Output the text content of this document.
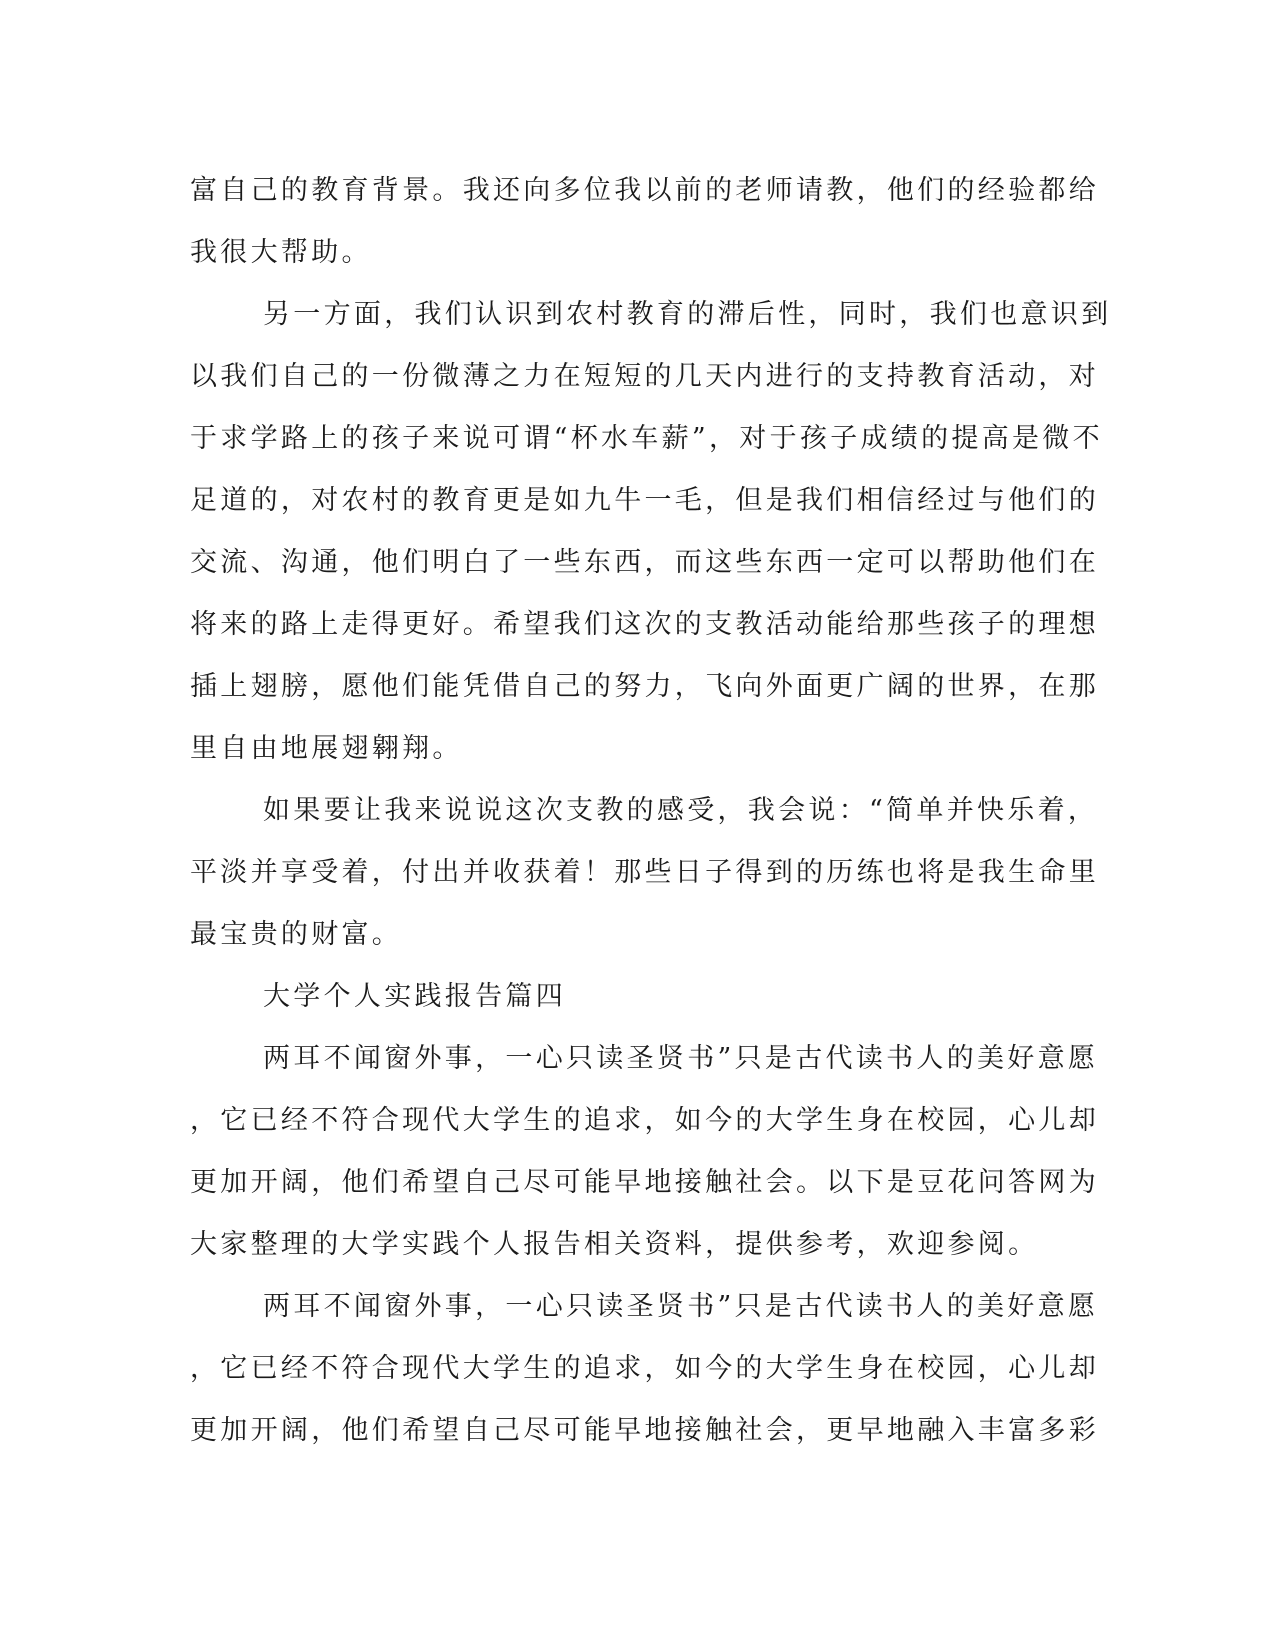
富自己的教育背景。我还向多位我以前的老师请教，他们的经验都给
我很大帮助。
另一方面，我们认识到农村教育的滞后性，同时，我们也意识到
以我们自己的一份微薄之力在短短的几天内进行的支持教育活动，对
于求学路上的孩子来说可谓“杯水车薪”，对于孩子成绩的提高是微不
足道的，对农村的教育更是如九牛一毛，但是我们相信经过与他们的
交流、沟通，他们明白了一些东西，而这些东西一定可以帮助他们在
将来的路上走得更好。希望我们这次的支教活动能给那些孩子的理想
插上翅膀，愿他们能凭借自己的努力，飞向外面更广阔的世界，在那
里自由地展翅翱翔。
如果要让我来说说这次支教的感受，我会说：“简单并快乐着，
平淡并享受着，付出并收获着！那些日子得到的历练也将是我生命里
最宝贵的财富。
大学个人实践报告篇四
两耳不闻窗外事，一心只读圣贤书”只是古代读书人的美好意愿
，它已经不符合现代大学生的追求，如今的大学生身在校园，心儿却
更加开阔，他们希望自己尽可能早地接触社会。以下是豆花问答网为
大家整理的大学实践个人报告相关资料，提供参考，欢迎参阅。
两耳不闻窗外事，一心只读圣贤书”只是古代读书人的美好意愿
，它已经不符合现代大学生的追求，如今的大学生身在校园，心儿却
更加开阔，他们希望自己尽可能早地接触社会，更早地融入丰富多彩
